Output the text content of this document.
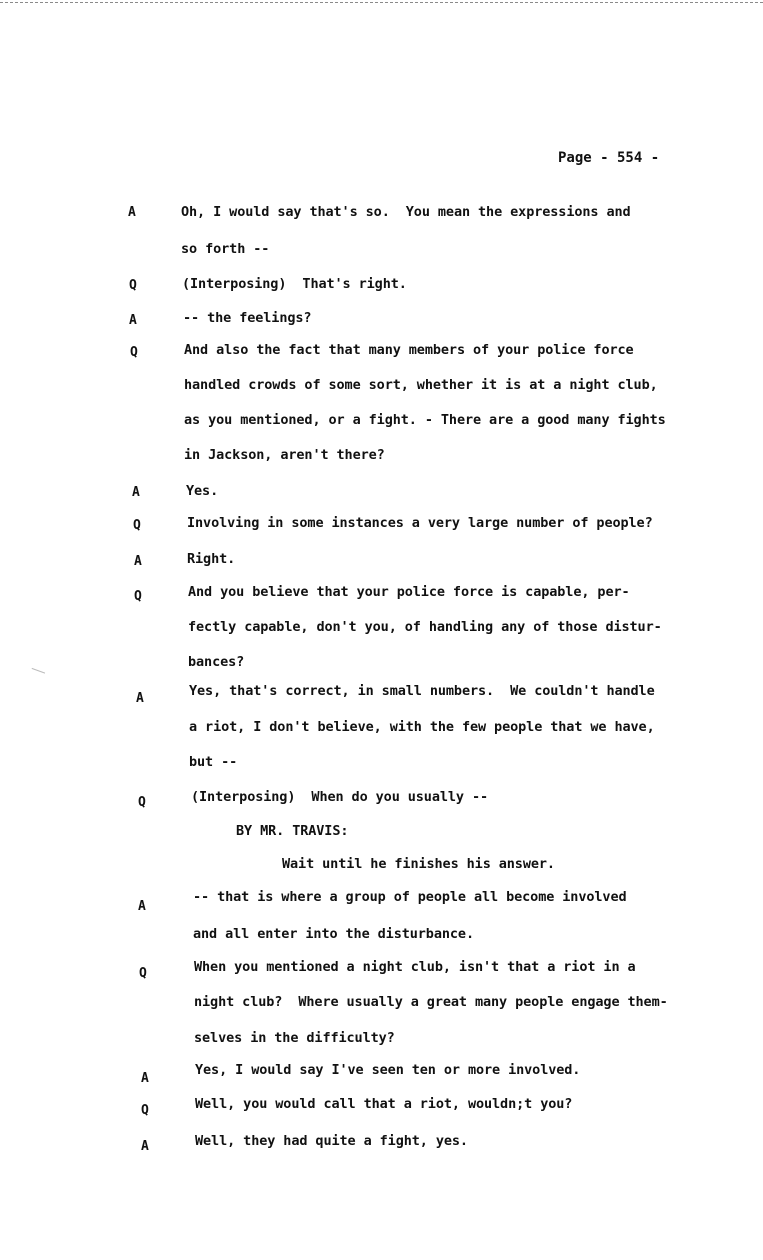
Page - 554 -
A	Oh, I would say that's so.  You mean the expressions and
so forth --
Q	(Interposing)  That's right.
A	-- the feelings?
Q	And also the fact that many members of your police force
handled crowds of some sort, whether it is at a night club,
as you mentioned, or a fight. - There are a good many fights
in Jackson, aren't there?
A	Yes.
Q	Involving in some instances a very large number of people?
A	Right.
Q	And you believe that your police force is capable, per-
fectly capable, don't you, of handling any of those distur-
bances?
A	Yes, that's correct, in small numbers.  We couldn't handle
a riot, I don't believe, with the few people that we have,
but --
Q	(Interposing)  When do you usually --
BY MR. TRAVIS:
Wait until he finishes his answer.
A
-- that is where a group of people all become involved
and all enter into the disturbance.
Q	When you mentioned a night club, isn't that a riot in a
night club?  Where usually a great many people engage them-
selves in the difficulty?
A
Yes, I would say I've seen ten or more involved.
Q	Well, you would call that a riot, wouldn;t you?
A	Well, they had quite a fight, yes.
